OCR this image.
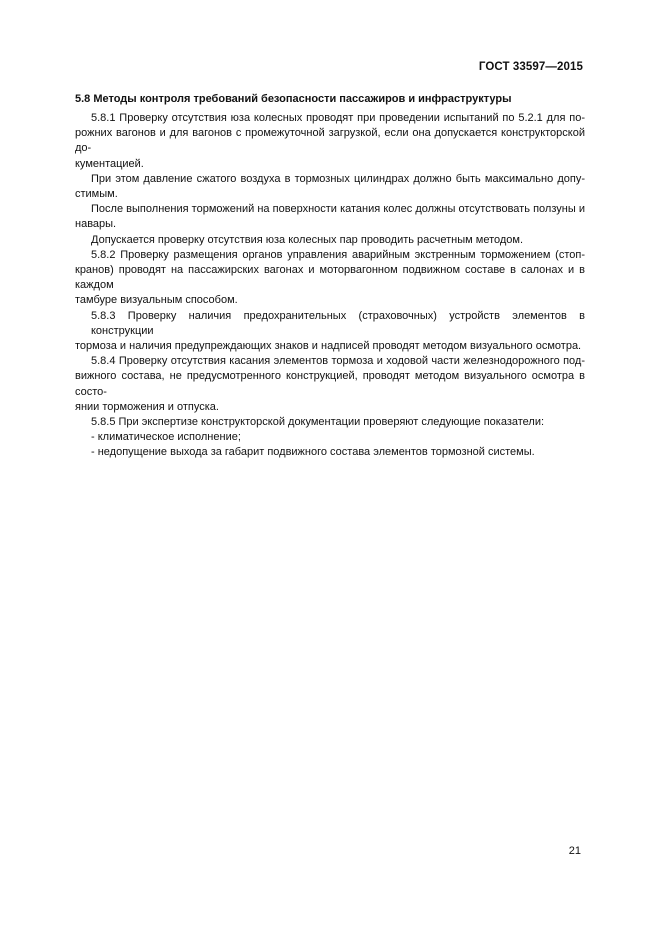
ГОСТ 33597—2015
5.8 Методы контроля требований безопасности пассажиров и инфраструктуры
5.8.1 Проверку отсутствия юза колесных проводят при проведении испытаний по 5.2.1 для по-
рожних вагонов и для вагонов с промежуточной загрузкой, если она допускается конструкторской до-
кументацией.
При этом давление сжатого воздуха в тормозных цилиндрах должно быть максимально допу-
стимым.
После выполнения торможений на поверхности катания колес должны отсутствовать ползуны и
навары.
Допускается проверку отсутствия юза колесных пар проводить расчетным методом.
5.8.2 Проверку размещения органов управления аварийным экстренным торможением (стоп-
кранов) проводят на пассажирских вагонах и моторвагонном подвижном составе в салонах и в каждом
тамбуре визуальным способом.
5.8.3 Проверку наличия предохранительных (страховочных) устройств элементов в конструкции
тормоза и наличия предупреждающих знаков и надписей проводят методом визуального осмотра.
5.8.4 Проверку отсутствия касания элементов тормоза и ходовой части железнодорожного под-
вижного состава, не предусмотренного конструкцией, проводят методом визуального осмотра в состо-
янии торможения и отпуска.
5.8.5 При экспертизе конструкторской документации проверяют следующие показатели:
- климатическое исполнение;
- недопущение выхода за габарит подвижного состава элементов тормозной системы.
21
